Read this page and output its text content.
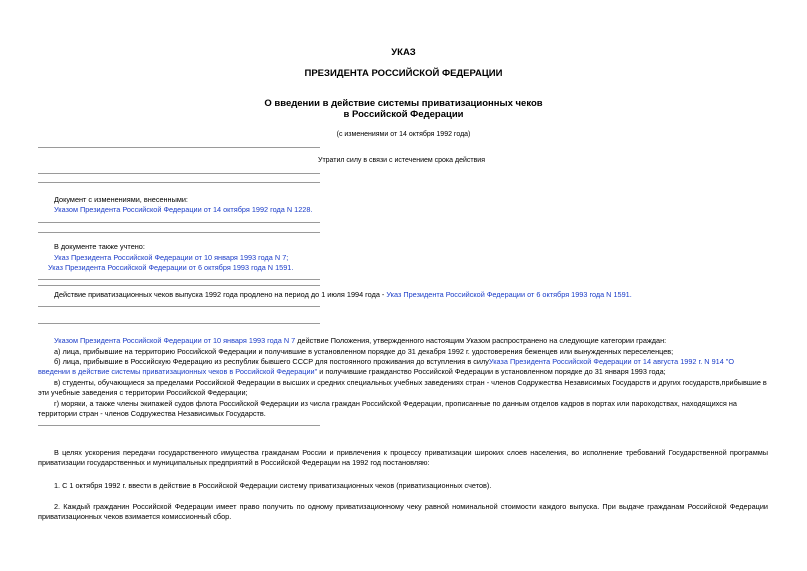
УКАЗ
ПРЕЗИДЕНТА РОССИЙСКОЙ ФЕДЕРАЦИИ
О введении в действие системы приватизационных чеков
в Российской Федерации
(с изменениями от 14 октября 1992 года)
Утратил силу в связи с истечением срока действия
Документ с изменениями, внесенными:
Указом Президента Российской Федерации от 14 октября 1992 года N 1228.
В документе также учтено:
Указ Президента Российской Федерации от 10 января 1993 года N 7;
Указ Президента Российской Федерации от 6 октября 1993 года N 1591.
Действие приватизационных чеков выпуска 1992 года продлено на период до 1 июля 1994 года - Указ Президента Российской Федерации от 6 октября 1993 года N 1591.
Указом Президента Российской Федерации от 10 января 1993 года N 7 действие Положения, утвержденного настоящим Указом распространено на следующие категории граждан:
а) лица, прибывшие на территорию Российской Федерации и получившие в установленном порядке до 31 декабря 1992 г. удостоверения беженцев или вынужденных переселенцев;
б) лица, прибывшие в Российскую Федерацию из республик бывшего СССР для постоянного проживания до вступления в силуУказа Президента Российской Федерации от 14 августа 1992 г. N 914 "О введении в действие системы приватизационных чеков в Российской Федерации" и получившие гражданство Российской Федерации в установленном порядке до 31 января 1993 года;
в) студенты, обучающиеся за пределами Российской Федерации в высших и средних специальных учебных заведениях стран - членов Содружества Независимых Государств и других государств,прибывшие в эти учебные заведения с территории Российской Федерации;
г) моряки, а также члены экипажей судов флота Российской Федерации из числа граждан Российской Федерации, прописанные по данным отделов кадров в портах или пароходствах, находящихся на территории стран - членов Содружества Независимых Государств.
В целях ускорения передачи государственного имущества гражданам России и привлечения к процессу приватизации широких слоев населения, во исполнение требований Государственной программы приватизации государственных и муниципальных предприятий в Российской Федерации на 1992 год постановляю:
1. С 1 октября 1992 г. ввести в действие в Российской Федерации систему приватизационных чеков (приватизационных счетов).
2. Каждый гражданин Российской Федерации имеет право получить по одному приватизационному чеку равной номинальной стоимости каждого выпуска. При выдаче гражданам Российской Федерации приватизационных чеков взимается комиссионный сбор.
